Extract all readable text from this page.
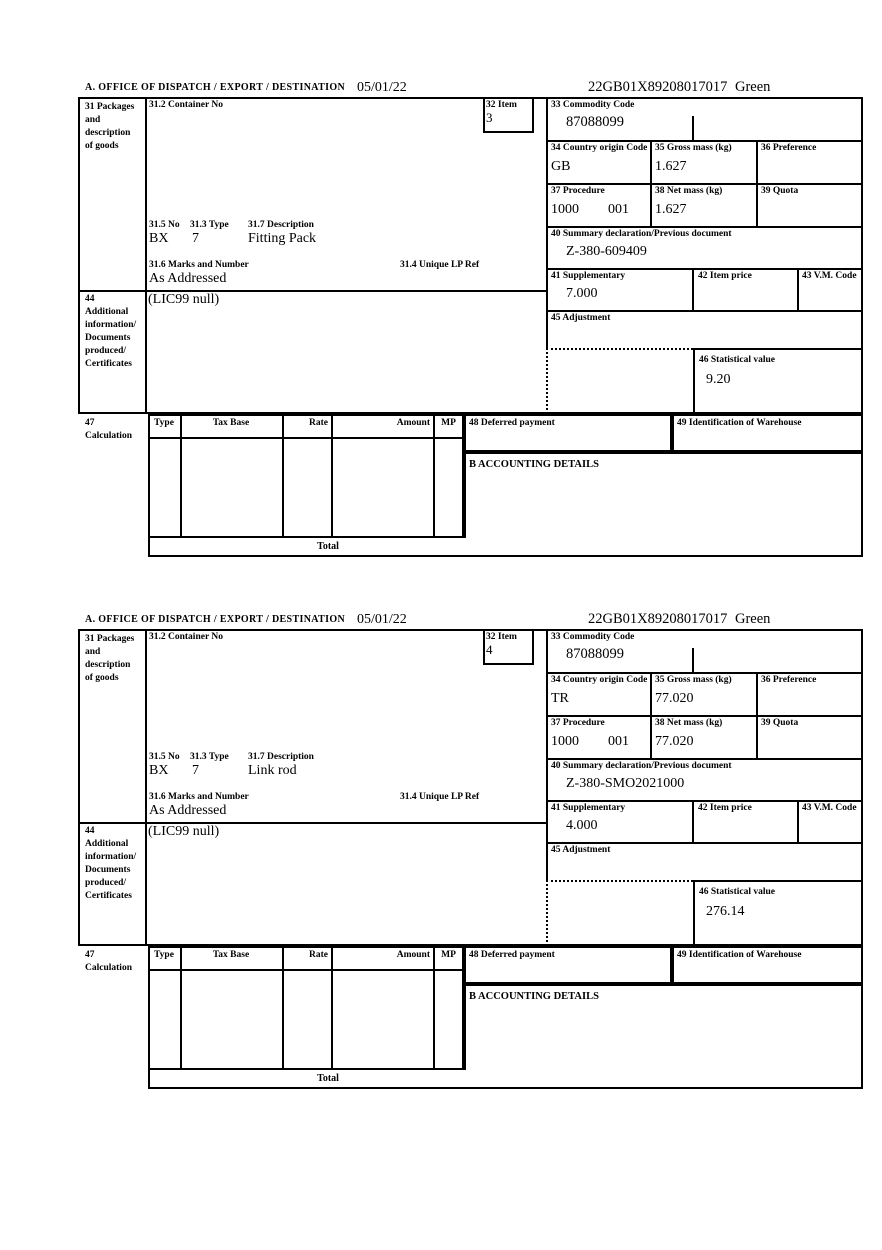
A. OFFICE OF DISPATCH / EXPORT / DESTINATION 05/01/22	22GB01X89208017017 Green
31 Packages
and
description
of goods
31.2 Container No
31.5 No 31.3 Type 31.7 Description
BX 7	Fitting Pack
31.6 Marks and Number	31.4 Unique LP Ref
As Addressed
32 Item
3
33 Commodity Code
87088099
34 Country origin Code
GB
35 Gross mass (kg)
1.627
36 Preference
37 Procedure
1000 001
38 Net mass (kg)
1.627
39 Quota
40 Summary declaration/Previous document
Z-380-609409
41 Supplementary
7.000
42 Item price	43 V.M. Code
45 Adjustment
46 Statistical value
9.20
44
Additional
information/
Documents
produced/
Certificates
(LIC99 null)
47
Calculation
Type	Tax Base	Rate	Amount	MP	48 Deferred payment	49 Identification of Warehouse
B ACCOUNTING DETAILS
Total
A. OFFICE OF DISPATCH / EXPORT / DESTINATION 05/01/22	22GB01X89208017017 Green
31 Packages
and
description
of goods
31.2 Container No
31.5 No 31.3 Type 31.7 Description
BX 7	Link rod
31.6 Marks and Number	31.4 Unique LP Ref
As Addressed
32 Item
4
33 Commodity Code
87088099
34 Country origin Code
TR
35 Gross mass (kg)
77.020
36 Preference
37 Procedure
1000 001
38 Net mass (kg)
77.020
39 Quota
40 Summary declaration/Previous document
Z-380-SMO2021000
41 Supplementary
4.000
42 Item price	43 V.M. Code
45 Adjustment
46 Statistical value
276.14
44
Additional
information/
Documents
produced/
Certificates
(LIC99 null)
47
Calculation
Type	Tax Base	Rate	Amount	MP	48 Deferred payment	49 Identification of Warehouse
B ACCOUNTING DETAILS
Total
